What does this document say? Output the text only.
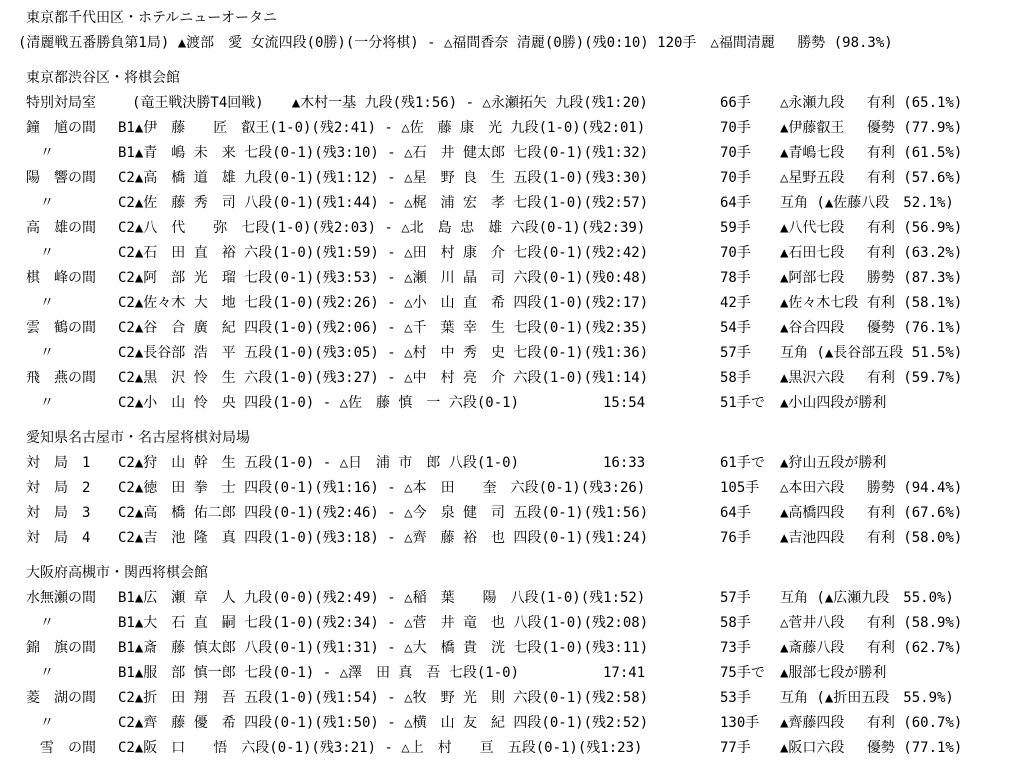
東京都千代田区・ホテルニューオータニ
(清麗戦五番勝負第1局) ▲渡部　愛 女流四段(0勝)(一分将棋) - △福間香奈 清麗(0勝)(残0:10) 120手　△福間清麗　 勝勢 (98.3%)
東京都渋谷区・将棋会館
特別対局室	　(竜王戦決勝T4回戦)　　▲木村一基 九段(残1:56) - △永瀬拓矢 九段(残1:20)	66手 △永瀬九段　 有利 (65.1%)
鐘　馗の間	B1▲伊　藤　　匠　叡王(1-0)(残2:41) - △佐　藤 康　光 九段(1-0)(残2:01)	70手 ▲伊藤叡王　 優勢 (77.9%)
　〃	B1▲青　嶋 未　来 七段(0-1)(残3:10) - △石　井 健太郎 七段(0-1)(残1:32)	70手 ▲青嶋七段　 有利 (61.5%)
陽　響の間	C2▲高　橋 道　雄 九段(0-1)(残1:12) - △星　野 良　生 五段(1-0)(残3:30)	70手 △星野五段　 有利 (57.6%)
　〃	C2▲佐　藤 秀　司 八段(0-1)(残1:44) - △梶　浦 宏　孝 七段(1-0)(残2:57)	64手 互角 (▲佐藤八段　52.1%)
高　雄の間	C2▲八　代　　弥　七段(1-0)(残2:03) - △北　島 忠　雄 六段(0-1)(残2:39)	59手 ▲八代七段　 有利 (56.9%)
　〃	C2▲石　田 直　裕 六段(1-0)(残1:59) - △田　村 康　介 七段(0-1)(残2:42)	70手 ▲石田七段　 有利 (63.2%)
棋　峰の間	C2▲阿　部 光　瑠 七段(0-1)(残3:53) - △瀬　川 晶　司 六段(0-1)(残0:48)	78手 ▲阿部七段　 勝勢 (87.3%)
　〃	C2▲佐々木 大　地 七段(1-0)(残2:26) - △小　山 直　希 四段(1-0)(残2:17)	42手 ▲佐々木七段 有利 (58.1%)
雲　鶴の間	C2▲谷　合 廣　紀 四段(1-0)(残2:06) - △千　葉 幸　生 七段(0-1)(残2:35)	54手 ▲谷合四段　 優勢 (76.1%)
　〃	C2▲長谷部 浩　平 五段(1-0)(残3:05) - △村　中 秀　史 七段(0-1)(残1:36)	57手 互角 (▲長谷部五段 51.5%)
飛　燕の間	C2▲黒　沢 怜　生 六段(1-0)(残3:27) - △中　村 亮　介 六段(1-0)(残1:14)	58手 ▲黒沢六段　 有利 (59.7%)
　〃	C2▲小　山 怜　央 四段(1-0) - △佐　藤 慎　一 六段(0-1)　　　　　　15:54	51手で ▲小山四段が勝利
愛知県名古屋市・名古屋将棋対局場
対　局　1	C2▲狩　山 幹　生 五段(1-0) - △日　浦 市　郎 八段(1-0)　　　　　　16:33	61手で ▲狩山五段が勝利
対　局　2	C2▲徳　田 拳　士 四段(0-1)(残1:16) - △本　田　　奎　六段(0-1)(残3:26)	105手 △本田六段　 勝勢 (94.4%)
対　局　3	C2▲高　橋 佑二郎 四段(0-1)(残2:46) - △今　泉 健　司 五段(0-1)(残1:56)	64手 ▲高橋四段　 有利 (67.6%)
対　局　4	C2▲吉　池 隆　真 四段(1-0)(残3:18) - △齊　藤 裕　也 四段(0-1)(残1:24)	76手 ▲吉池四段　 有利 (58.0%)
大阪府高槻市・関西将棋会館
水無瀬の間	B1▲広　瀬 章　人 九段(0-0)(残2:49) - △稲　葉　　陽　八段(1-0)(残1:52)	57手 互角 (▲広瀬九段　55.0%)
　〃	B1▲大　石 直　嗣 七段(1-0)(残2:34) - △菅　井 竜　也 八段(1-0)(残2:08)	58手 △菅井八段　 有利 (58.9%)
錦　旗の間	B1▲斎　藤 慎太郎 八段(0-1)(残1:31) - △大　橋 貴　洸 七段(1-0)(残3:11)	73手 ▲斎藤八段　 有利 (62.7%)
　〃	B1▲服　部 慎一郎 七段(0-1) - △澤　田 真　吾 七段(1-0)　　　　　　17:41	75手で ▲服部七段が勝利
菱　湖の間	C2▲折　田 翔　吾 五段(1-0)(残1:54) - △牧　野 光　則 六段(0-1)(残2:58)	53手 互角 (▲折田五段　55.9%)
　〃	C2▲齊　藤 優　希 四段(0-1)(残1:50) - △横　山 友　紀 四段(0-1)(残2:52)	130手 ▲齊藤四段　 有利 (60.7%)
　雪　の間	C2▲阪　口　　悟　六段(0-1)(残3:21) - △上　村　　亘　五段(0-1)(残1:23)	77手 ▲阪口六段　 優勢 (77.1%)
